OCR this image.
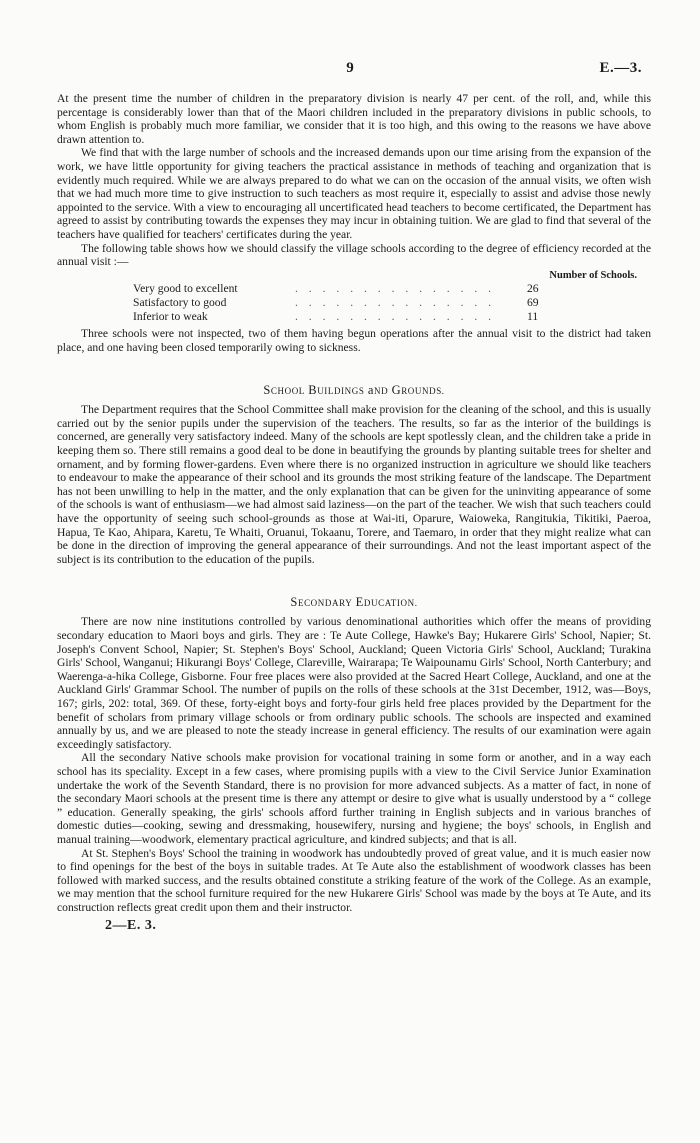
9	E.—3.

At the present time the number of children in the preparatory division is nearly 47 per cent. of the roll, and, while this percentage is considerably lower than that of the Maori children included in the preparatory divisions in public schools, to whom English is probably much more familiar, we consider that it is too high, and this owing to the reasons we have above drawn attention to.

We find that with the large number of schools and the increased demands upon our time arising from the expansion of the work, we have little opportunity for giving teachers the practical assistance in methods of teaching and organization that is evidently much required. While we are always prepared to do what we can on the occasion of the annual visits, we often wish that we had much more time to give instruction to such teachers as most require it, especially to assist and advise those newly appointed to the service. With a view to encouraging all uncertificated head teachers to become certificated, the Department has agreed to assist by contributing towards the expenses they may incur in obtaining tuition. We are glad to find that several of the teachers have qualified for teachers' certificates during the year.

The following table shows how we should classify the village schools according to the degree of efficiency recorded at the annual visit :—

Number of Schools.
Very good to excellent	. . . . . . . . . . . . . . .	26
Satisfactory to good	. . . . . . . . . . . . . . .	69
Inferior to weak	. . . . . . . . . . . . . . .	11

Three schools were not inspected, two of them having begun operations after the annual visit to the district had taken place, and one having been closed temporarily owing to sickness.

SCHOOL BUILDINGS aND GROUNDS.

The Department requires that the School Committee shall make provision for the cleaning of the school, and this is usually carried out by the senior pupils under the supervision of the teachers. The results, so far as the interior of the buildings is concerned, are generally very satisfactory indeed. Many of the schools are kept spotlessly clean, and the children take a pride in keeping them so. There still remains a good deal to be done in beautifying the grounds by planting suitable trees for shelter and ornament, and by forming flower-gardens. Even where there is no organized instruction in agriculture we should like teachers to endeavour to make the appearance of their school and its grounds the most striking feature of the landscape. The Department has not been unwilling to help in the matter, and the only explanation that can be given for the uninviting appearance of some of the schools is want of enthusiasm—we had almost said laziness—on the part of the teacher. We wish that such teachers could have the opportunity of seeing such school-grounds as those at Wai-iti, Oparure, Waioweka, Rangitukia, Tikitiki, Paeroa, Hapua, Te Kao, Ahipara, Karetu, Te Whaiti, Oruanui, Tokaanu, Torere, and Taemaro, in order that they might realize what can be done in the direction of improving the general appearance of their surroundings. And not the least important aspect of the subject is its contribution to the education of the pupils.

SECONDARY EDUCATION.

There are now nine institutions controlled by various denominational authorities which offer the means of providing secondary education to Maori boys and girls. They are : Te Aute College, Hawke's Bay; Hukarere Girls' School, Napier; St. Joseph's Convent School, Napier; St. Stephen's Boys' School, Auckland; Queen Victoria Girls' School, Auckland; Turakina Girls' School, Wanganui; Hikurangi Boys' College, Clareville, Wairarapa; Te Waipounamu Girls' School, North Canterbury; and Waerenga-a-hika College, Gisborne. Four free places were also provided at the Sacred Heart College, Auckland, and one at the Auckland Girls' Grammar School. The number of pupils on the rolls of these schools at the 31st December, 1912, was—Boys, 167; girls, 202: total, 369. Of these, forty-eight boys and forty-four girls held free places provided by the Department for the benefit of scholars from primary village schools or from ordinary public schools. The schools are inspected and examined annually by us, and we are pleased to note the steady increase in general efficiency. The results of our examination were again exceedingly satisfactory.

All the secondary Native schools make provision for vocational training in some form or another, and in a way each school has its speciality. Except in a few cases, where promising pupils with a view to the Civil Service Junior Examination undertake the work of the Seventh Standard, there is no provision for more advanced subjects. As a matter of fact, in none of the secondary Maori schools at the present time is there any attempt or desire to give what is usually understood by a “ college ” education. Generally speaking, the girls' schools afford further training in English subjects and in various branches of domestic duties—cooking, sewing and dressmaking, housewifery, nursing and hygiene; the boys' schools, in English and manual training—woodwork, elementary practical agriculture, and kindred subjects; and that is all.

At St. Stephen's Boys' School the training in woodwork has undoubtedly proved of great value, and it is much easier now to find openings for the best of the boys in suitable trades. At Te Aute also the establishment of woodwork classes has been followed with marked success, and the results obtained constitute a striking feature of the work of the College. As an example, we may mention that the school furniture required for the new Hukarere Girls' School was made by the boys at Te Aute, and its construction reflects great credit upon them and their instructor.

2—E. 3.
